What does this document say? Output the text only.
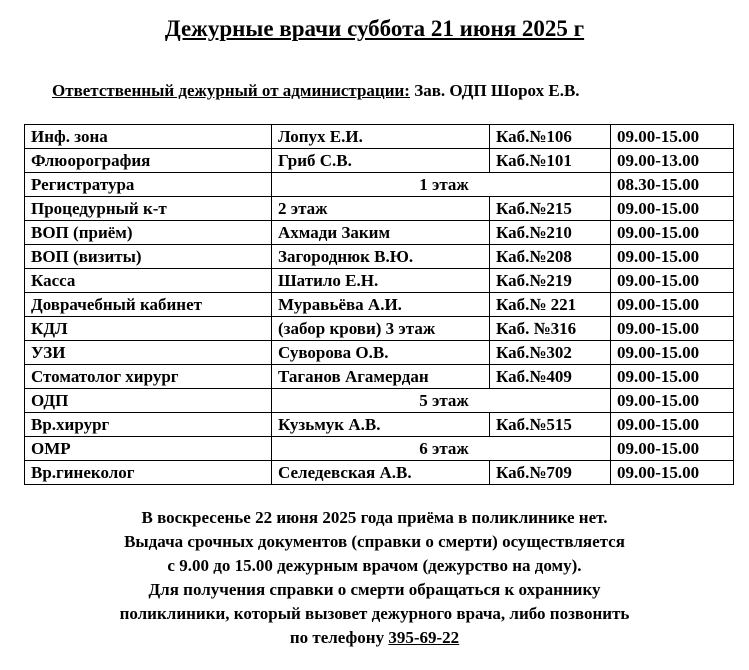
Дежурные врачи суббота 21 июня 2025 г
Ответственный дежурный от администрации: Зав. ОДП Шорох Е.В.
Инф. зона	Лопух Е.И.	Каб.№106	09.00-15.00
Флюорография	Гриб С.В.	Каб.№101	09.00-13.00
Регистратура	1 этаж		08.30-15.00
Процедурный к-т	2 этаж	Каб.№215	09.00-15.00
ВОП (приём)	Ахмади Заким	Каб.№210	09.00-15.00
ВОП (визиты)	Загороднюк В.Ю.	Каб.№208	09.00-15.00
Касса	Шатило Е.Н.	Каб.№219	09.00-15.00
Доврачебный кабинет	Муравьёва А.И.	Каб.№ 221	09.00-15.00
КДЛ	(забор крови) 3 этаж	Каб. №316	09.00-15.00
УЗИ	Суворова О.В.	Каб.№302	09.00-15.00
Стоматолог хирург	Таганов Агамердан	Каб.№409	09.00-15.00
ОДП	5 этаж		09.00-15.00
Вр.хирург	Кузьмук А.В.	Каб.№515	09.00-15.00
ОМР	6 этаж		09.00-15.00
Вр.гинеколог	Селедевская А.В.	Каб.№709	09.00-15.00
В воскресенье 22 июня 2025 года приёма в поликлинике нет.
Выдача срочных документов (справки о смерти) осуществляется
с 9.00 до 15.00 дежурным врачом (дежурство на дому).
Для получения справки о смерти обращаться к охраннику
поликлиники, который вызовет дежурного врача, либо позвонить
по телефону 395-69-22
